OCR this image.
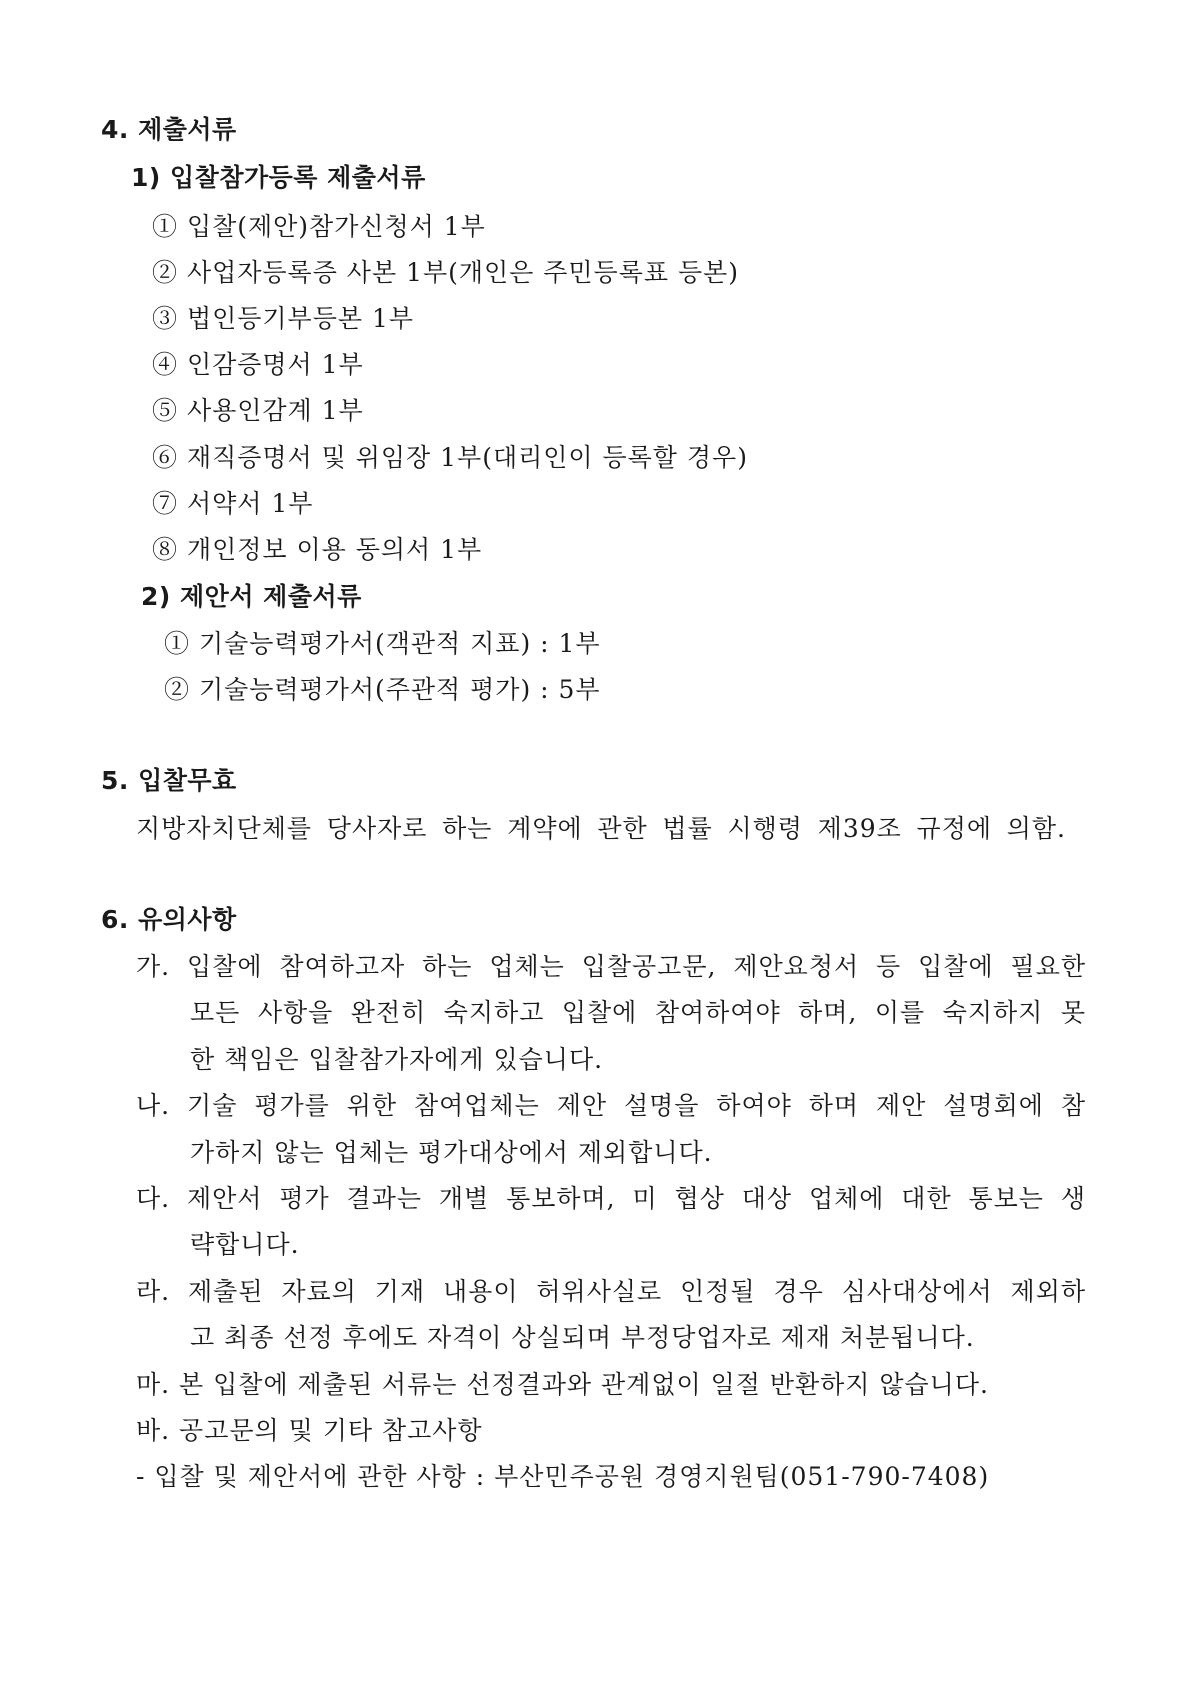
4. 제출서류
1) 입찰참가등록 제출서류
① 입찰(제안)참가신청서 1부
② 사업자등록증 사본 1부(개인은 주민등록표 등본)
③ 법인등기부등본 1부
④ 인감증명서 1부
⑤ 사용인감계 1부
⑥ 재직증명서 및 위임장 1부(대리인이 등록할 경우)
⑦ 서약서 1부
⑧ 개인정보 이용 동의서 1부
2) 제안서 제출서류
① 기술능력평가서(객관적 지표) : 1부
② 기술능력평가서(주관적 평가) : 5부
5. 입찰무효
지방자치단체를 당사자로 하는 계약에 관한 법률 시행령 제39조 규정에 의함.
6. 유의사항
가. 입찰에 참여하고자 하는 업체는 입찰공고문, 제안요청서 등 입찰에 필요한
모든 사항을 완전히 숙지하고 입찰에 참여하여야 하며, 이를 숙지하지 못
한 책임은 입찰참가자에게 있습니다.
나. 기술 평가를 위한 참여업체는 제안 설명을 하여야 하며 제안 설명회에 참
가하지 않는 업체는 평가대상에서 제외합니다.
다. 제안서 평가 결과는 개별 통보하며, 미 협상 대상 업체에 대한 통보는 생
략합니다.
라. 제출된 자료의 기재 내용이 허위사실로 인정될 경우 심사대상에서 제외하
고 최종 선정 후에도 자격이 상실되며 부정당업자로 제재 처분됩니다.
마. 본 입찰에 제출된 서류는 선정결과와 관계없이 일절 반환하지 않습니다.
바. 공고문의 및 기타 참고사항
- 입찰 및 제안서에 관한 사항 : 부산민주공원 경영지원팀(051-790-7408)
